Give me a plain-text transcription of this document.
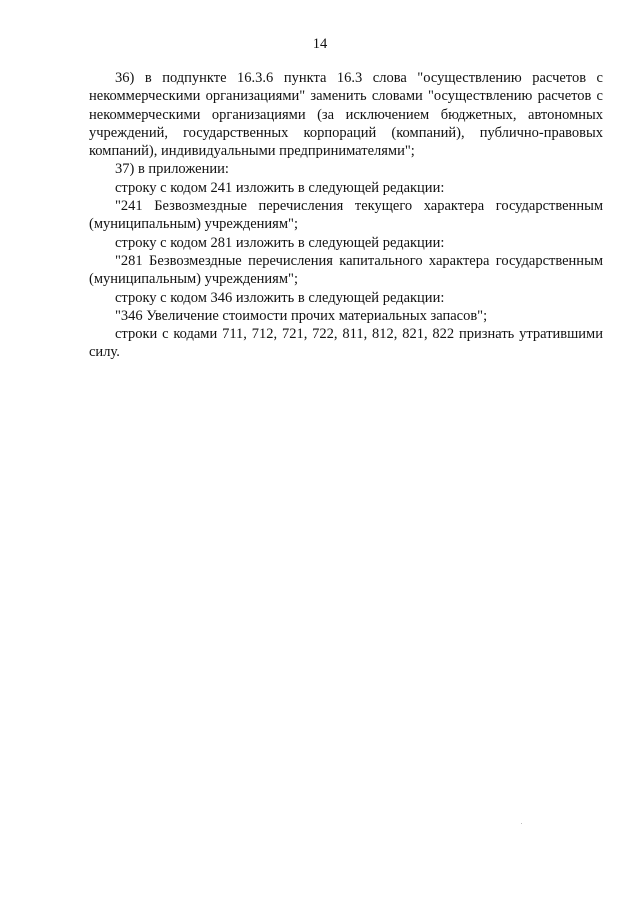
14

36) в подпункте 16.3.6 пункта 16.3 слова "осуществлению расчетов с некоммерческими организациями" заменить словами "осуществлению расчетов с некоммерческими организациями (за исключением бюджетных, автономных учреждений, государственных корпораций (компаний), публично-правовых компаний), индивидуальными предпринимателями";

37) в приложении:

строку с кодом 241 изложить в следующей редакции:

"241 Безвозмездные перечисления текущего характера государственным (муниципальным) учреждениям";

строку с кодом 281 изложить в следующей редакции:

"281 Безвозмездные перечисления капитального характера государственным (муниципальным) учреждениям";

строку с кодом 346 изложить в следующей редакции:

"346 Увеличение стоимости прочих материальных запасов";

строки с кодами 711, 712, 721, 722, 811, 812, 821, 822 признать утратившими силу.
